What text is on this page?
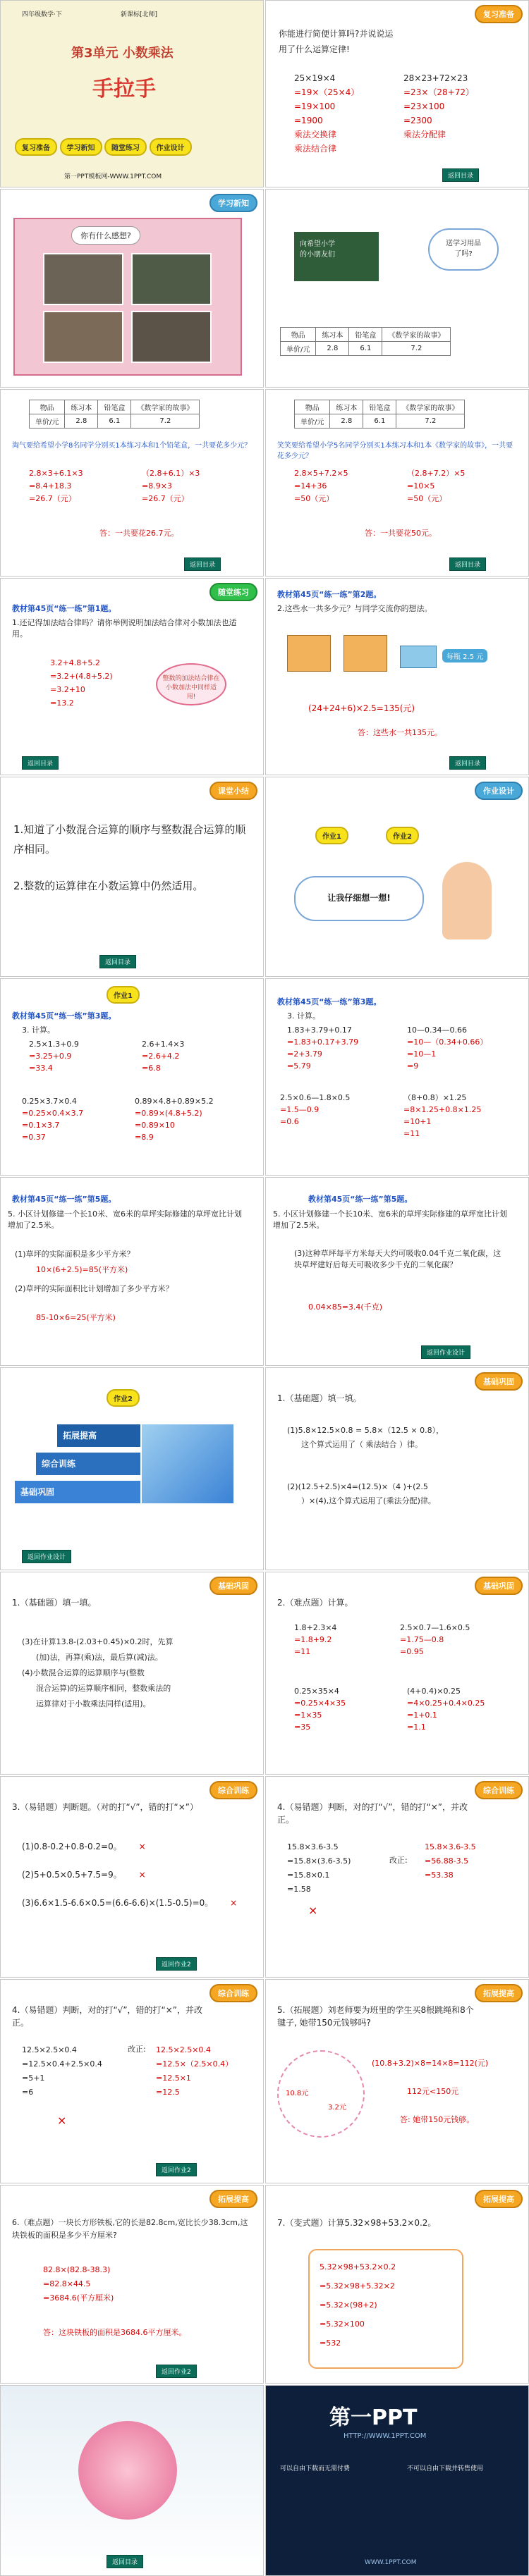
四年级数学·下	新课标[北师]
第3单元 小数乘法
手拉手
复习准备 学习新知 随堂练习 作业设计
第一PPT模板网-WWW.1PPT.COM
复习准备
你能进行简便计算吗?并说说运
用了什么运算定律!
25×19×4
=19×（25×4）
=19×100
=1900
乘法交换律
乘法结合律
28×23+72×23
=23×（28+72）
=23×100
=2300
乘法分配律
返回目录
学习新知
你有什么感想?
向希望小学
的小朋友们
送学习用品
了吗?
物品	练习本	铅笔盒	《数学家的故事》
单价/元	2.8	6.1	7.2
物品	练习本	铅笔盒	《数学家的故事》
单价/元	2.8	6.1	7.2
淘气要给希望小学8名同学分别买1本练习本和1个铅笔盒，一共要花多少元？
2.8×3+6.1×3
=8.4+18.3
=26.7（元）
（2.8+6.1）×3
=8.9×3
=26.7（元）
答：一共要花26.7元。
返回目录
物品	练习本	铅笔盒	《数学家的故事》
单价/元	2.8	6.1	7.2
笑笑要给希望小学5名同学分别买1本练习本和1本《数学家的故事》，一共要花多少元？
2.8×5+7.2×5
=14+36
=50（元）
（2.8+7.2）×5
=10×5
=50（元）
答：一共要花50元。
返回目录
随堂练习
教材第45页“练一练”第1题。
1.还记得加法结合律吗？请你举例说明加法结合律对小数加法也适用。
3.2+4.8+5.2
=3.2+(4.8+5.2)
=3.2+10
=13.2
整数的加法结合律在小数加法中同样适用!
返回目录
教材第45页“练一练”第2题。
2.这些水一共多少元？与同学交流你的想法。
每瓶 2.5 元
(24+24+6)×2.5=135(元)
答：这些水一共135元。
返回目录
课堂小结
1.知道了小数混合运算的顺序与整数混合运算的顺序相同。
2.整数的运算律在小数运算中仍然适用。
返回目录
作业设计
作业1	作业2
让我仔细想一想!
作业1
教材第45页“练一练”第3题。
3. 计算。
2.5×1.3+0.9
=3.25+0.9
=33.4
2.6+1.4×3
=2.6+4.2
=6.8
0.25×3.7×0.4
=0.25×0.4×3.7
=0.1×3.7
=0.37
0.89×4.8+0.89×5.2
=0.89×(4.8+5.2)
=0.89×10
=8.9
教材第45页“练一练”第3题。
3. 计算。
1.83+3.79+0.17
=1.83+0.17+3.79
=2+3.79
=5.79
10—0.34—0.66
=10—（0.34+0.66）
=10—1
=9
2.5×0.6—1.8×0.5
=1.5—0.9
=0.6
（8+0.8）×1.25
=8×1.25+0.8×1.25
=10+1
=11
教材第45页“练一练”第5题。
5. 小区计划修建一个长10米、宽6米的草坪实际修建的草坪宽比计划增加了2.5米。
(1)草坪的实际面积是多少平方米？
10×(6+2.5)=85(平方米)
(2)草坪的实际面积比计划增加了多少平方米？
85-10×6=25(平方米)
教材第45页“练一练”第5题。
5. 小区计划修建一个长10米、宽6米的草坪实际修建的草坪宽比计划增加了2.5米。
(3)这种草坪每平方米每天大约可吸收0.04千克二氧化碳，这块草坪建好后每天可吸收多少千克的二氧化碳？
0.04×85=3.4(千克)
返回作业设计
作业2
拓展提高
综合训练
基础巩固
返回作业设计
基础巩固
1.（基础题）填一填。
(1)5.8×12.5×0.8 = 5.8×（12.5 × 0.8），
这个算式运用了（ 乘法结合 ）律。
(2)(12.5+2.5)×4=(12.5)×（4 )+(2.5
）×(4),这个算式运用了(乘法分配)律。
基础巩固
1.（基础题）填一填。
(3)在计算13.8-(2.03+0.45)×0.2时，先算
(加)法，再算(乘)法，最后算(减)法。
(4)小数混合运算的运算顺序与(整数
混合运算)的运算顺序相同，整数乘法的
运算律对于小数乘法同样(适用)。
基础巩固
2.（难点题）计算。
1.8+2.3×4
=1.8+9.2
=11
2.5×0.7—1.6×0.5
=1.75—0.8
=0.95
0.25×35×4
=0.25×4×35
=1×35
=35
(4+0.4)×0.25
=4×0.25+0.4×0.25
=1+0.1
=1.1
综合训练
3.（易错题）判断题。（对的打“√”，错的打“×”）
(1)0.8-0.2+0.8-0.2=0。 ×
(2)5+0.5×0.5+7.5=9。 ×
(3)6.6×1.5-6.6×0.5=(6.6-6.6)×(1.5-0.5)=0。 ×
返回作业2
综合训练
4.（易错题）判断，对的打“√”，错的打“×”，并改正。
15.8×3.6-3.5
=15.8×(3.6-3.5)
=15.8×0.1
=1.58
改正:
15.8×3.6-3.5
=56.88-3.5
=53.38
×
综合训练
4.（易错题）判断，对的打“√”，错的打“×”，并改正。
12.5×2.5×0.4
=12.5×0.4+2.5×0.4
=5+1
=6
改正: 12.5×2.5×0.4
=12.5×（2.5×0.4）
=12.5×1
=12.5
×
返回作业2
拓展提高
5.（拓展题）刘老师要为班里的学生买8根跳绳和8个毽子, 她带150元钱够吗?
10.8元
3.2元
(10.8+3.2)×8=14×8=112(元)
112元<150元
答: 她带150元钱够。
拓展提高
6.（难点题）一块长方形铁板,它的长是82.8cm,宽比长少38.3cm,这块铁板的面积是多少平方厘米?
82.8×(82.8-38.3)
=82.8×44.5
=3684.6(平方厘米)
答：这块铁板的面积是3684.6平方厘米。
返回作业2
拓展提高
7.（变式题）计算5.32×98+53.2×0.2。
5.32×98+53.2×0.2
=5.32×98+5.32×2
=5.32×(98+2)
=5.32×100
=532
返回目录
第一PPT
HTTP://WWW.1PPT.COM
可以自由下载而无需付费	不可以自由下载并转售使用
WWW.1PPT.COM
